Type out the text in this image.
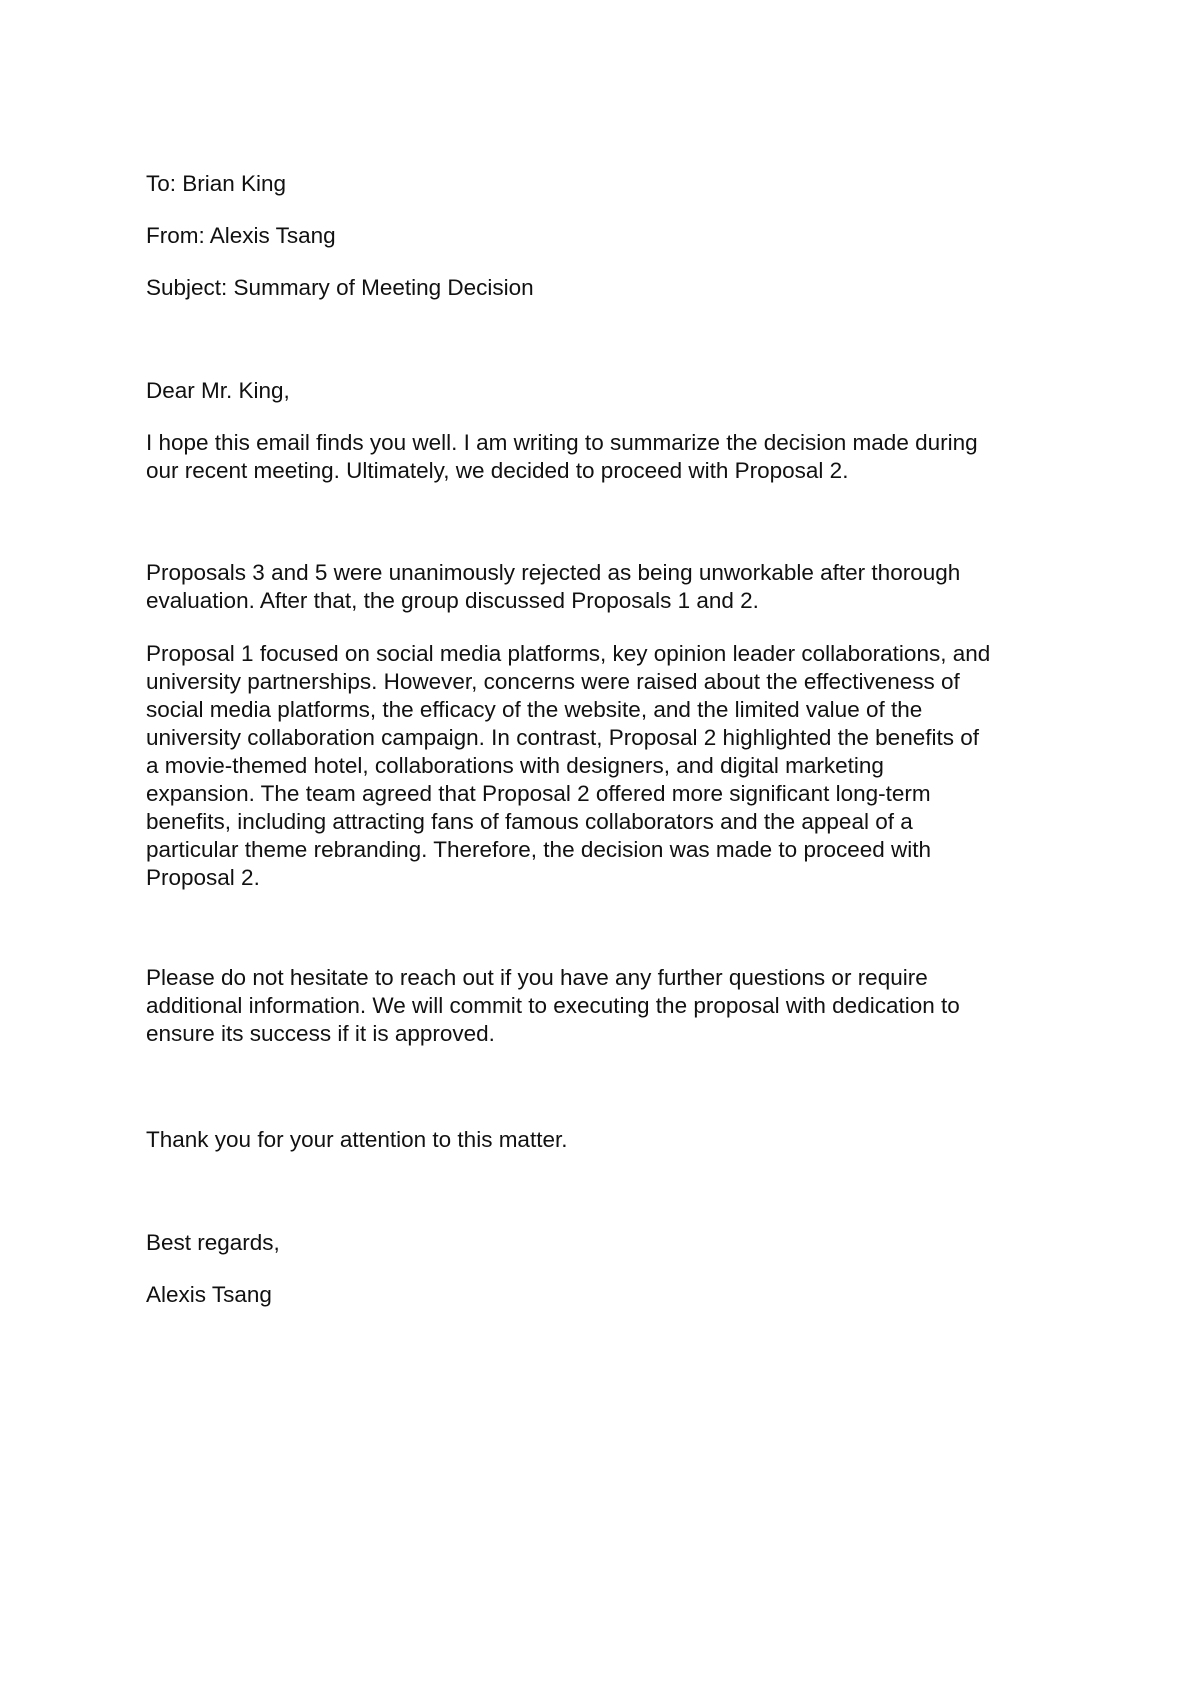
To: Brian King

From: Alexis Tsang

Subject: Summary of Meeting Decision

Dear Mr. King,

I hope this email finds you well. I am writing to summarize the decision made during
our recent meeting. Ultimately, we decided to proceed with Proposal 2.
Proposals 3 and 5 were unanimously rejected as being unworkable after thorough
evaluation. After that, the group discussed Proposals 1 and 2.
Proposal 1 focused on social media platforms, key opinion leader collaborations, and
university partnerships. However, concerns were raised about the effectiveness of
social media platforms, the efficacy of the website, and the limited value of the
university collaboration campaign. In contrast, Proposal 2 highlighted the benefits of
a movie-themed hotel, collaborations with designers, and digital marketing
expansion. The team agreed that Proposal 2 offered more significant long-term
benefits, including attracting fans of famous collaborators and the appeal of a
particular theme rebranding. Therefore, the decision was made to proceed with
Proposal 2.
Please do not hesitate to reach out if you have any further questions or require
additional information. We will commit to executing the proposal with dedication to
ensure its success if it is approved.

Thank you for your attention to this matter.

Best regards,

Alexis Tsang
